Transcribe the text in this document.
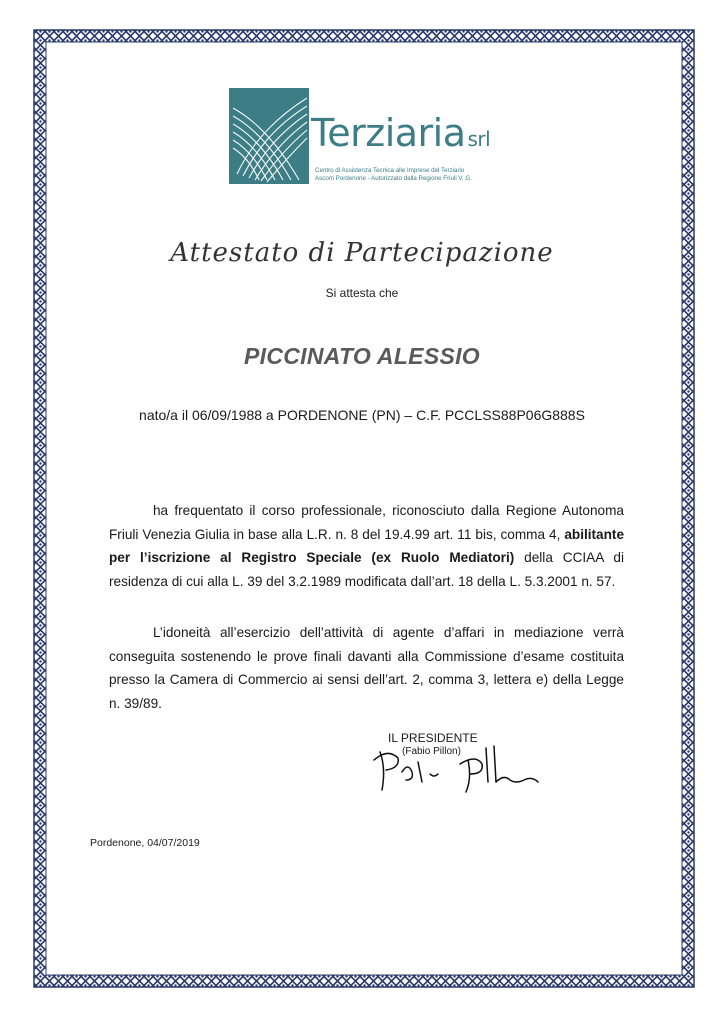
Terziaria srl
Centro di Assistenza Tecnica alle Imprese del Terziario
Ascom Pordenone - Autorizzato dalla Regione Friuli V. G.
Attestato di Partecipazione
Si attesta che
PICCINATO ALESSIO
nato/a il 06/09/1988 a PORDENONE (PN) – C.F. PCCLSS88P06G888S
ha frequentato il corso professionale, riconosciuto dalla Regione Autonoma Friuli Venezia Giulia in base alla L.R. n. 8 del 19.4.99 art. 11 bis, comma 4, abilitante per l’iscrizione al Registro Speciale (ex Ruolo Mediatori) della CCIAA di residenza di cui alla L. 39 del 3.2.1989 modificata dall’art. 18 della L. 5.3.2001 n. 57.
L’idoneità all’esercizio dell’attività di agente d’affari in mediazione verrà conseguita sostenendo le prove finali davanti alla Commissione d’esame costituita presso la Camera di Commercio ai sensi dell’art. 2, comma 3, lettera e) della Legge n. 39/89.
IL PRESIDENTE
(Fabio Pillon)
Pordenone, 04/07/2019
